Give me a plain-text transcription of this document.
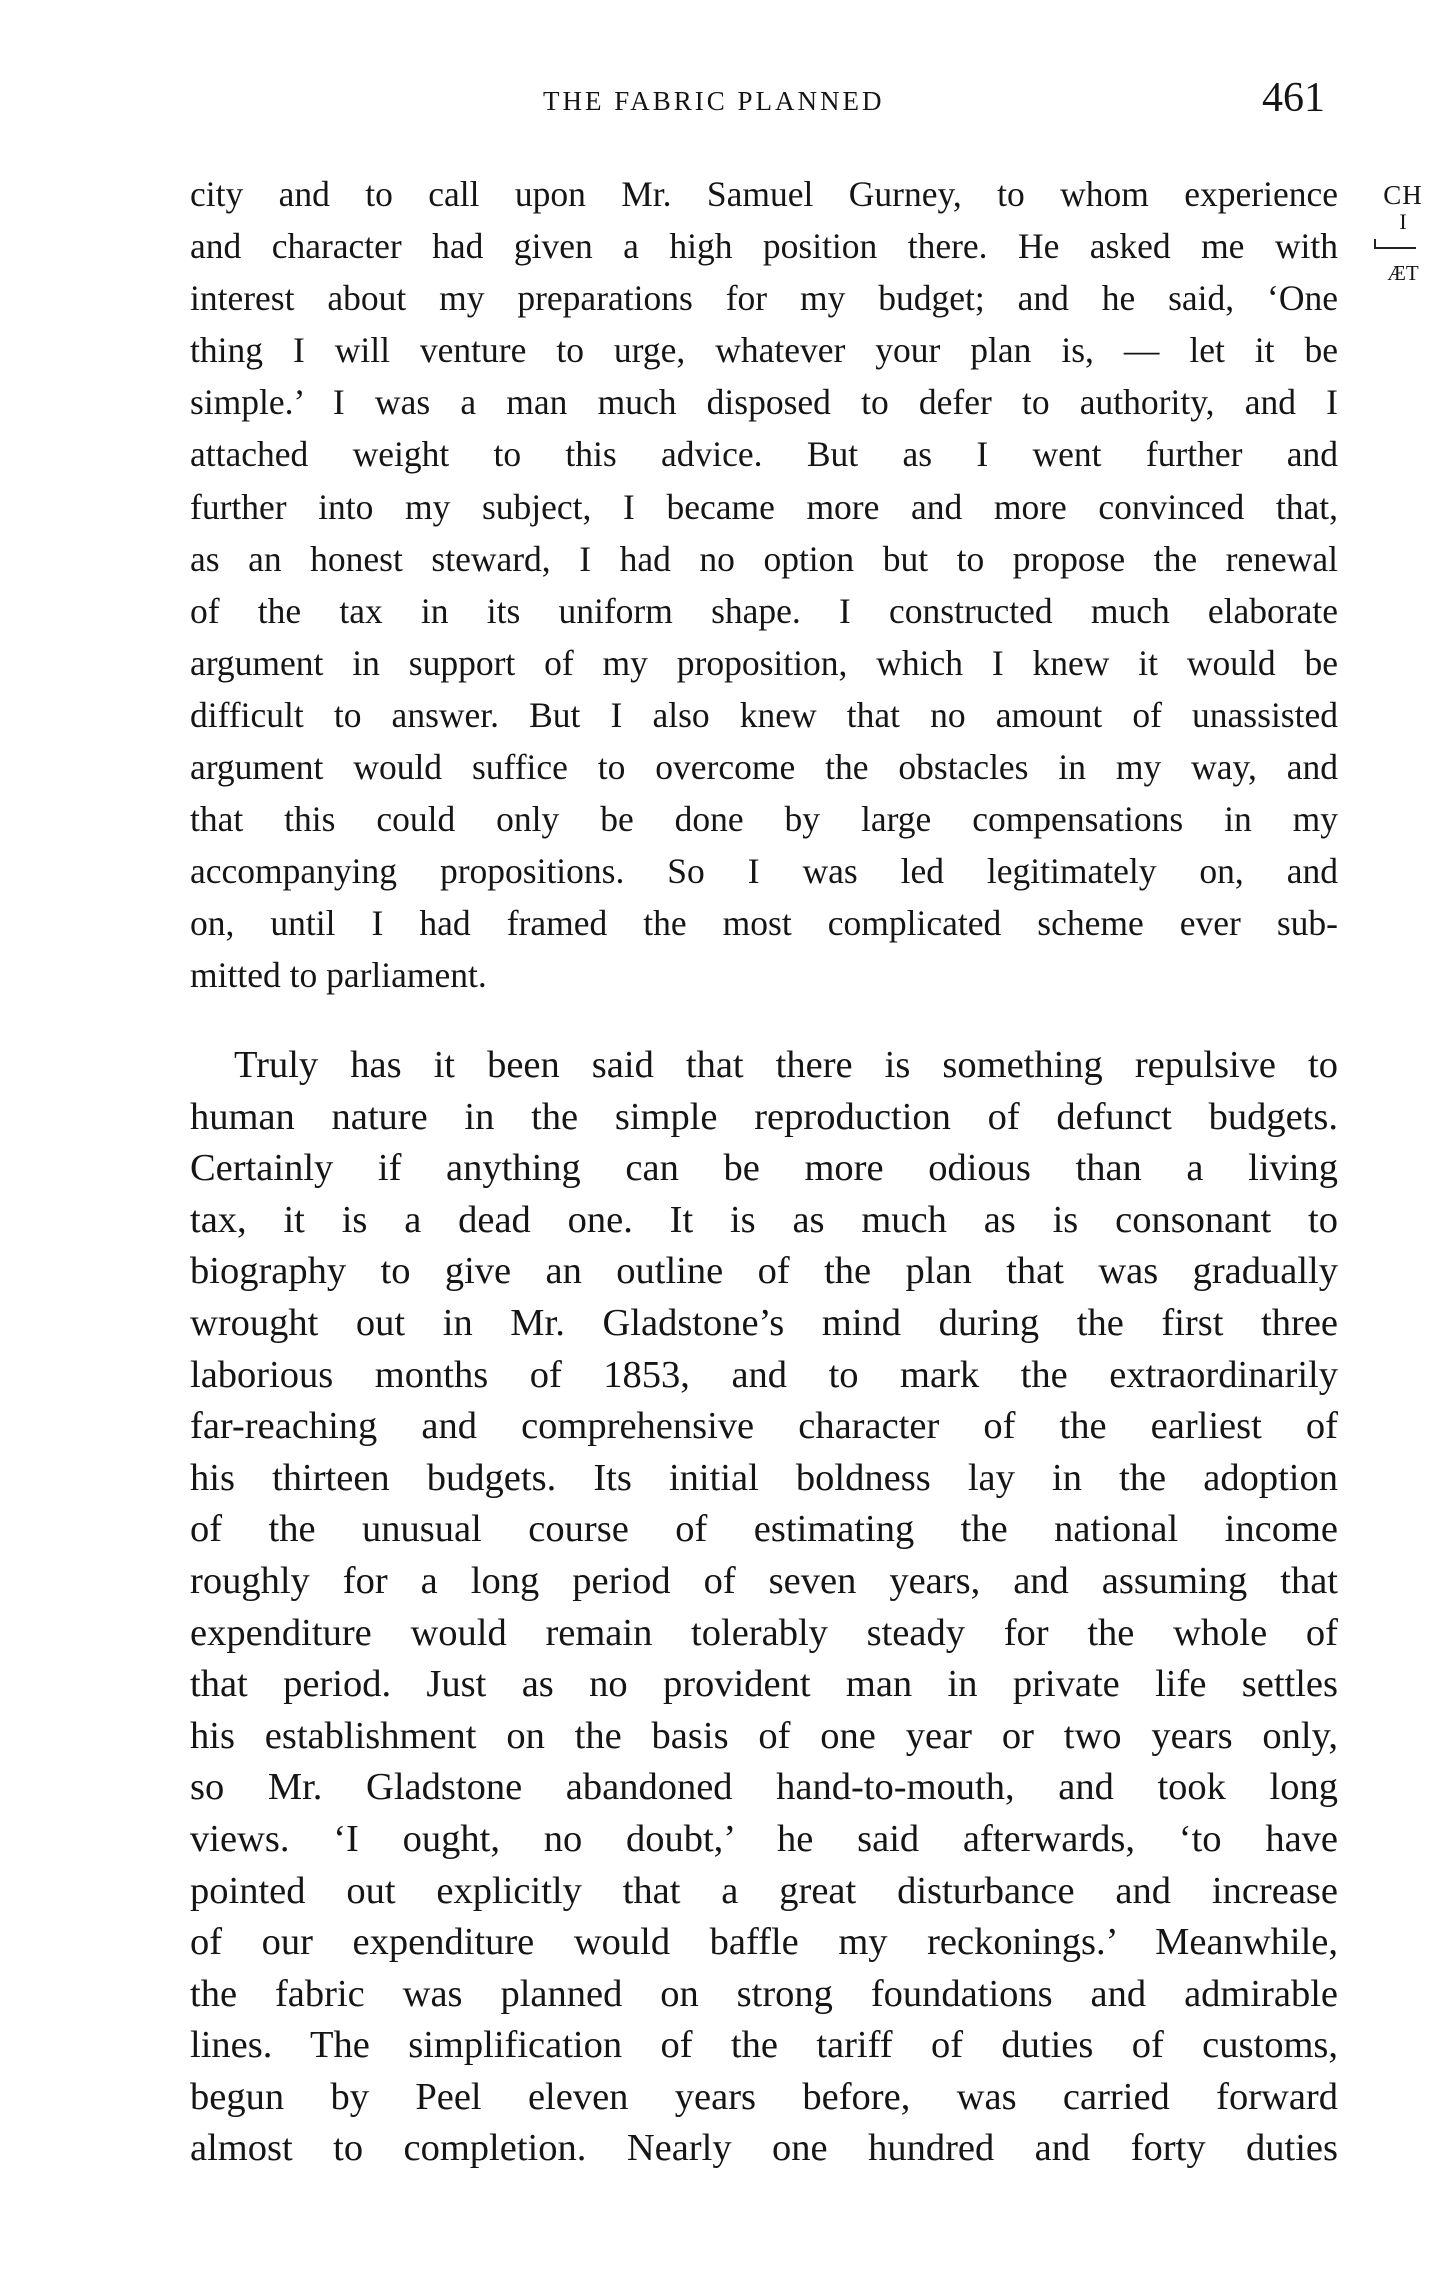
THE FABRIC PLANNED	461
CH
I
ÆT
city and to call upon Mr. Samuel Gurney, to whom experience
and character had given a high position there. He asked me with
interest about my preparations for my budget; and he said, ‘One
thing I will venture to urge, whatever your plan is, — let it be
simple.’ I was a man much disposed to defer to authority, and I
attached weight to this advice. But as I went further and
further into my subject, I became more and more convinced that,
as an honest steward, I had no option but to propose the renewal
of the tax in its uniform shape. I constructed much elaborate
argument in support of my proposition, which I knew it would be
difficult to answer. But I also knew that no amount of unassisted
argument would suffice to overcome the obstacles in my way, and
that this could only be done by large compensations in my
accompanying propositions. So I was led legitimately on, and
on, until I had framed the most complicated scheme ever sub-
mitted to parliament.
Truly has it been said that there is something repulsive to
human nature in the simple reproduction of defunct budgets.
Certainly if anything can be more odious than a living
tax, it is a dead one. It is as much as is consonant to
biography to give an outline of the plan that was gradually
wrought out in Mr. Gladstone’s mind during the first three
laborious months of 1853, and to mark the extraordinarily
far-reaching and comprehensive character of the earliest of
his thirteen budgets. Its initial boldness lay in the adoption
of the unusual course of estimating the national income
roughly for a long period of seven years, and assuming that
expenditure would remain tolerably steady for the whole of
that period. Just as no provident man in private life settles
his establishment on the basis of one year or two years only,
so Mr. Gladstone abandoned hand-to-mouth, and took long
views. ‘I ought, no doubt,’ he said afterwards, ‘to have
pointed out explicitly that a great disturbance and increase
of our expenditure would baffle my reckonings.’ Meanwhile,
the fabric was planned on strong foundations and admirable
lines. The simplification of the tariff of duties of customs,
begun by Peel eleven years before, was carried forward
almost to completion. Nearly one hundred and forty duties
